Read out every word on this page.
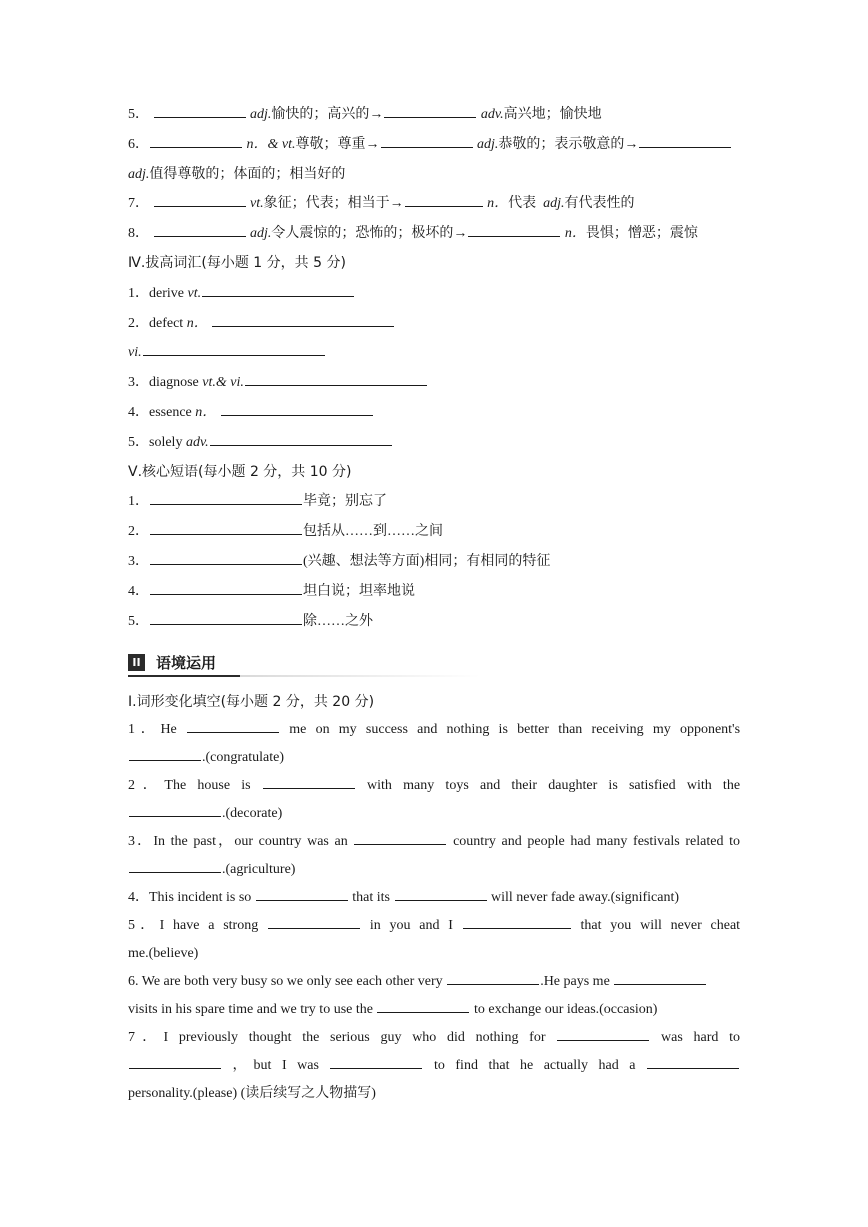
5．	adj.愉快的；高兴的→	adv.高兴地；愉快地
6．	n．& vt.尊敬；尊重→	adj.恭敬的；表示敬意的→
adj.值得尊敬的；体面的；相当好的
7．	vt.象征；代表；相当于→	n．代表 adj.有代表性的
8．	adj.令人震惊的；恐怖的；极坏的→	n．畏惧；憎恶；震惊
Ⅳ.拔高词汇(每小题 1 分，共 5 分)
1．derive vt.
2．defect n．
vi.
3．diagnose vt.& vi.
4．essence n．
5．solely adv.
Ⅴ.核心短语(每小题 2 分，共 10 分)
1．	毕竟；别忘了
2．	包括从……到……之间
3．	(兴趣、想法等方面)相同；有相同的特征
4．	坦白说；坦率地说
5．	除……之外
II 语境运用
Ⅰ.词形变化填空(每小题 2 分，共 20 分)
1．He	me on my success and nothing is better than receiving my opponent's
.(congratulate)
2．The house is	with many toys and their daughter is satisfied with the
.(decorate)
3．In the past，our country was an	country and people had many festivals related to
.(agriculture)
4．This incident is so	that its	will never fade away.(significant)
5．I have a strong	in you and I	that you will never cheat
me.(believe)
6. We are both very busy so we only see each other very	.He pays me
visits in his spare time and we try to use the	to exchange our ideas.(occasion)
7．I previously thought the serious guy who did nothing for	was hard to
，but I was	to find that he actually had a
personality.(please) (读后续写之人物描写)
